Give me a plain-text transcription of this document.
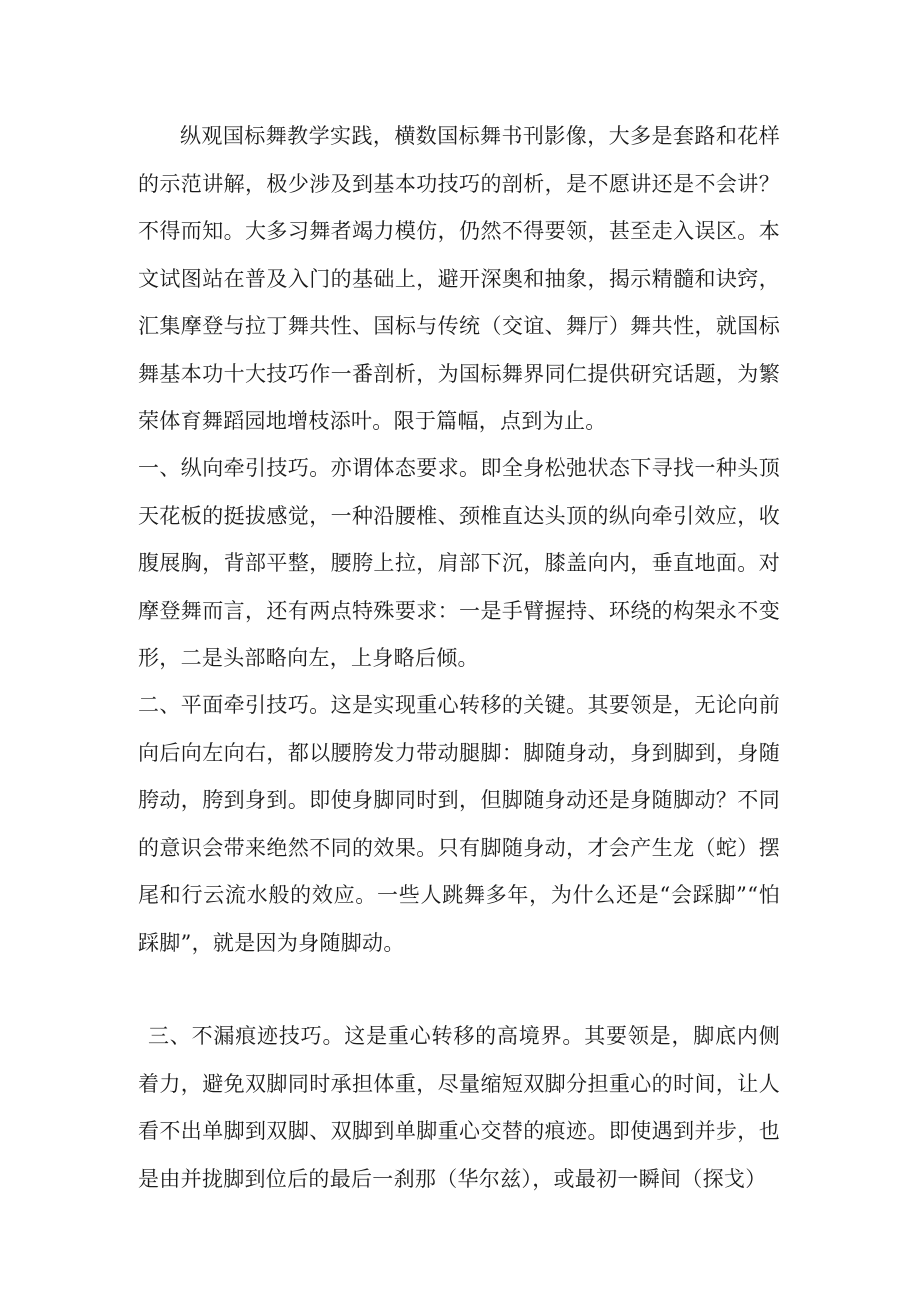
纵观国标舞教学实践，横数国标舞书刊影像，大多是套路和花样的示范讲解，极少涉及到基本功技巧的剖析，是不愿讲还是不会讲？不得而知。大多习舞者竭力模仿，仍然不得要领，甚至走入误区。本文试图站在普及入门的基础上，避开深奥和抽象，揭示精髓和诀窍，汇集摩登与拉丁舞共性、国标与传统（交谊、舞厅）舞共性，就国标舞基本功十大技巧作一番剖析，为国标舞界同仁提供研究话题，为繁荣体育舞蹈园地增枝添叶。限于篇幅，点到为止。

一、纵向牵引技巧。亦谓体态要求。即全身松弛状态下寻找一种头顶天花板的挺拔感觉，一种沿腰椎、颈椎直达头顶的纵向牵引效应，收腹展胸，背部平整，腰胯上拉，肩部下沉，膝盖向内，垂直地面。对摩登舞而言，还有两点特殊要求：一是手臂握持、环绕的构架永不变形，二是头部略向左，上身略后倾。

二、平面牵引技巧。这是实现重心转移的关键。其要领是，无论向前向后向左向右，都以腰胯发力带动腿脚：脚随身动，身到脚到，身随胯动，胯到身到。即使身脚同时到，但脚随身动还是身随脚动？不同的意识会带来绝然不同的效果。只有脚随身动，才会产生龙（蛇）摆尾和行云流水般的效应。一些人跳舞多年，为什么还是“会踩脚”“怕踩脚”，就是因为身随脚动。

三、不漏痕迹技巧。这是重心转移的高境界。其要领是，脚底内侧着力，避免双脚同时承担体重，尽量缩短双脚分担重心的时间，让人看不出单脚到双脚、双脚到单脚重心交替的痕迹。即使遇到并步，也是由并拢脚到位后的最后一刹那（华尔兹），或最初一瞬间（探戈）
